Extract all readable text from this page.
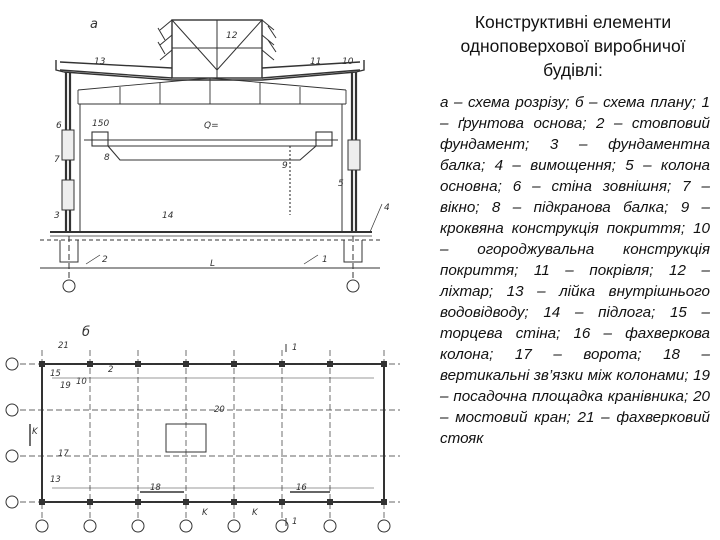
а
12
13	11 10
6	150	Q=
8
7
9
5
4
3	14
2	1
L
б
21
15
19 10
2
20
17
13
18	16
1
1
K	K
K
Конструктивні елементи одноповерхової виробничої будівлі:
а – схема розрізу; б – схема плану; 1 – ґрунтова основа; 2 – стовповий фундамент; 3 – фундаментна балка; 4 – вимощення; 5 – колона основна; 6 – стіна зовнішня; 7 – вікно; 8 – підкранова балка; 9 – кроквяна конструкція покриття; 10 – огороджувальна конструкція покриття; 11 – покрівля; 12 – ліхтар; 13 – лійка внутрішнього водовідводу; 14 – підлога; 15 – торцева стіна; 16 – фахверкова колона; 17 – ворота; 18 – вертикальні зв’язки між колонами; 19 – посадочна площадка кранівника; 20 – мостовий кран; 21 – фахверковий стояк
